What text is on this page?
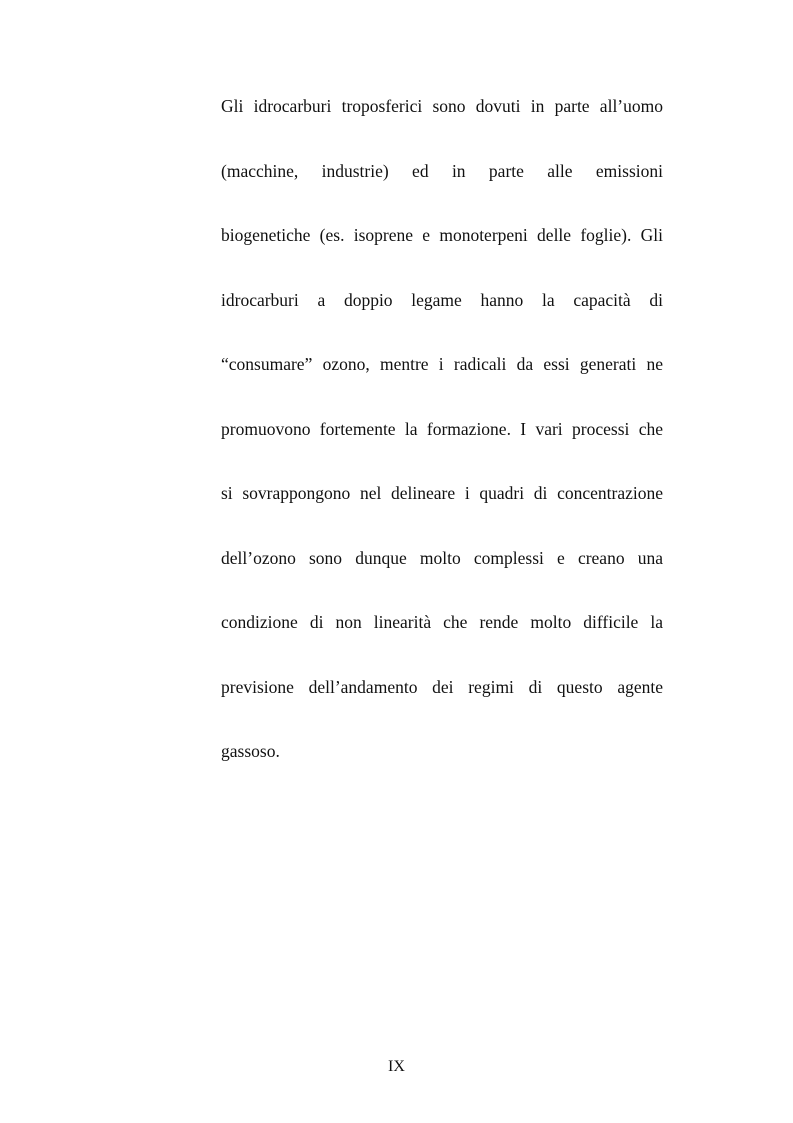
Gli idrocarburi troposferici sono dovuti in parte all’uomo
(macchine, industrie) ed in parte alle emissioni
biogenetiche (es. isoprene e monoterpeni delle foglie). Gli
idrocarburi a doppio legame hanno la capacità di
“consumare” ozono, mentre i radicali da essi generati ne
promuovono fortemente la formazione. I vari processi che
si sovrappongono nel delineare i quadri di concentrazione
dell’ozono sono dunque molto complessi e creano una
condizione di non linearità che rende molto difficile la
previsione dell’andamento dei regimi di questo agente
gassoso.
IX
